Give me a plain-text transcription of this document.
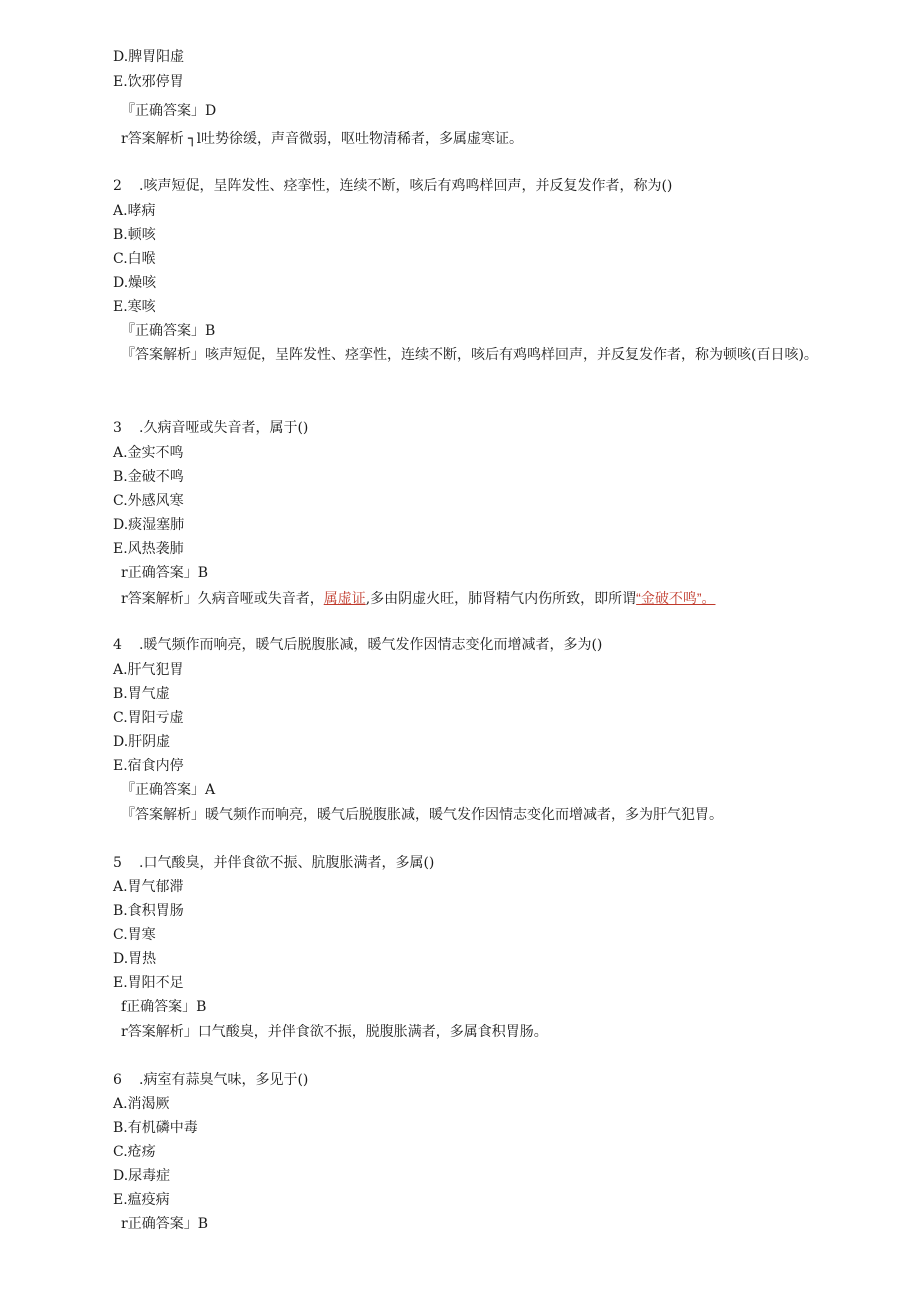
D.脾胃阳虚
E.饮邪停胃
『正确答案」D
r答案解析 ┐l吐势徐缓，声音微弱，呕吐物清稀者，多属虚寒证。
2 .咳声短促，呈阵发性、痉挛性，连续不断，咳后有鸡鸣样回声，并反复发作者，称为()
A.哮病
B.顿咳
C.白喉
D.燥咳
E.寒咳
『正确答案」B
『答案解析」咳声短促，呈阵发性、痉挛性，连续不断，咳后有鸡鸣样回声，并反复发作者，称为顿咳(百日咳)。
3 .久病音哑或失音者，属于()
A.金实不鸣
B.金破不鸣
C.外感风寒
D.痰湿塞肺
E.风热袭肺
r正确答案」B
r答案解析」久病音哑或失音者，属虚证,多由阴虚火旺，肺肾精气内伤所致，即所谓“金破不鸣”。
4 .暖气频作而响亮，暖气后脱腹胀减，暖气发作因情志变化而增减者，多为()
A.肝气犯胃
B.胃气虚
C.胃阳亏虚
D.肝阴虚
E.宿食内停
『正确答案」A
『答案解析」暖气频作而响亮，暖气后脱腹胀减，暖气发作因情志变化而增减者，多为肝气犯胃。
5 .口气酸臭，并伴食欲不振、肮腹胀满者，多属()
A.胃气郁滞
B.食积胃肠
C.胃寒
D.胃热
E.胃阳不足
f正确答案」B
r答案解析」口气酸臭，并伴食欲不振，脱腹胀满者，多属食积胃肠。
6 .病室有蒜臭气味，多见于()
A.消渴厥
B.有机磷中毒
C.疮疡
D.尿毒症
E.瘟疫病
r正确答案」B
